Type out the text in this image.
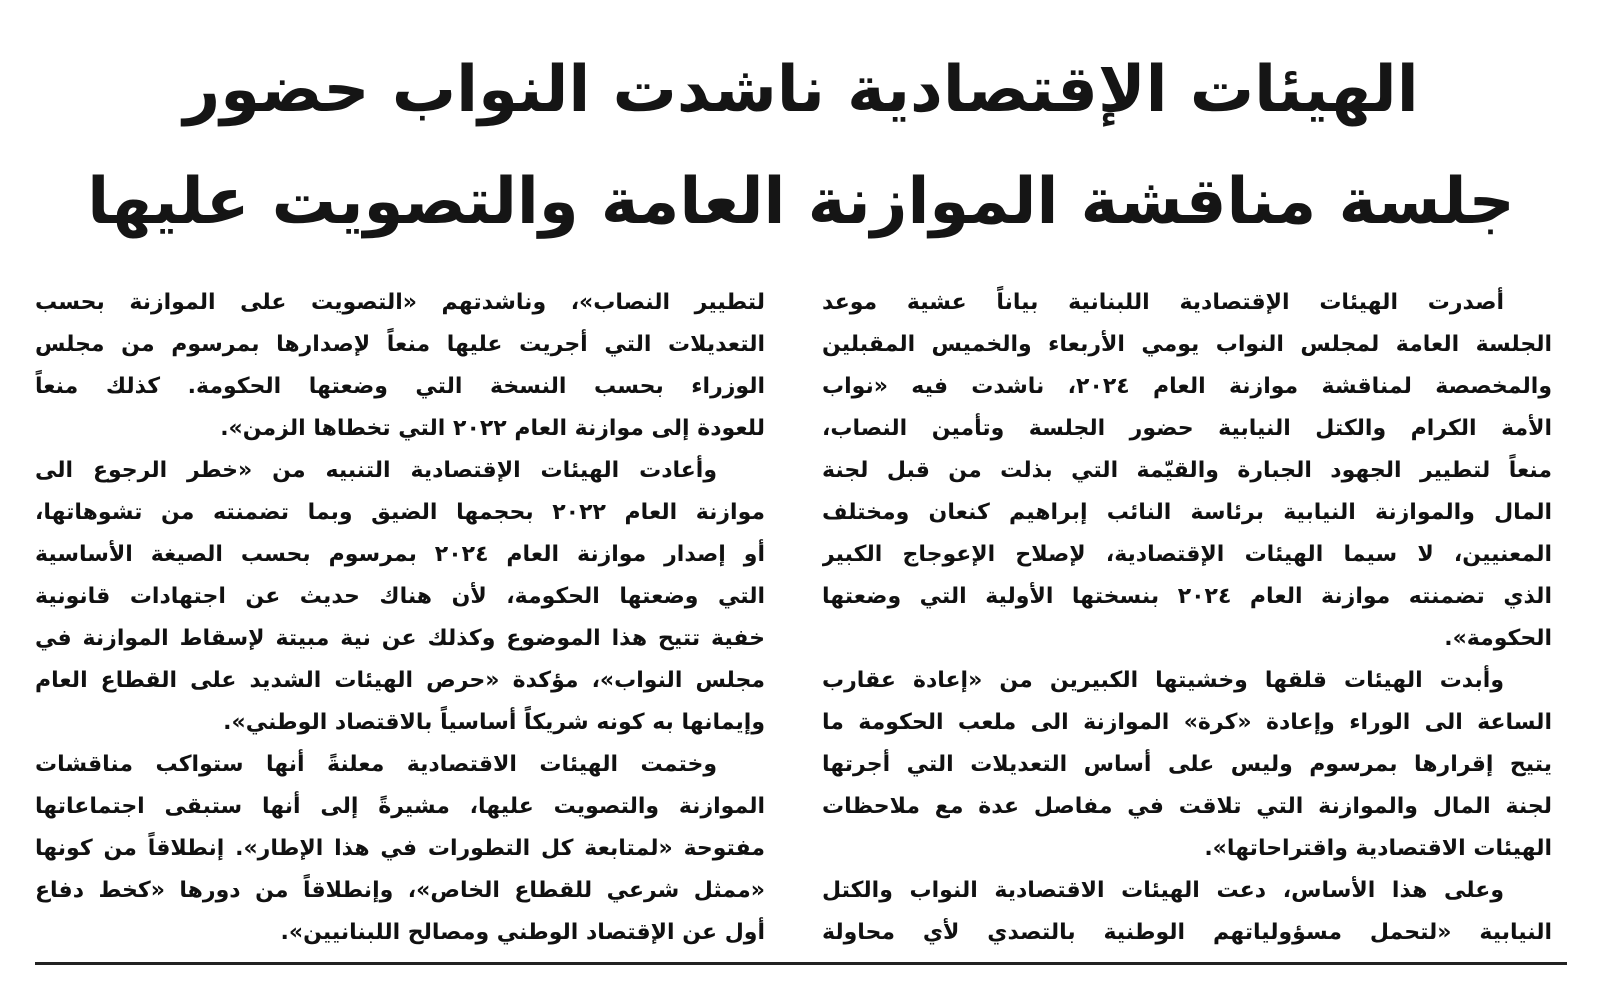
الهيئات الإقتصادية ناشدت النواب حضور
جلسة مناقشة الموازنة العامة والتصويت عليها
أصدرت الهيئات الإقتصادية اللبنانية بياناً عشية موعد
الجلسة العامة لمجلس النواب يومي الأربعاء والخميس المقبلين
والمخصصة لمناقشة موازنة العام ٢٠٢٤، ناشدت فيه «نواب
الأمة الكرام والكتل النيابية حضور الجلسة وتأمين النصاب،
منعاً لتطيير الجهود الجبارة والقيّمة التي بذلت من قبل لجنة
المال والموازنة النيابية برئاسة النائب إبراهيم كنعان ومختلف
المعنيين، لا سيما الهيئات الإقتصادية، لإصلاح الإعوجاج الكبير
الذي تضمنته موازنة العام ٢٠٢٤ بنسختها الأولية التي وضعتها
الحكومة».
وأبدت الهيئات قلقها وخشيتها الكبيرين من «إعادة عقارب
الساعة الى الوراء وإعادة «كرة» الموازنة الى ملعب الحكومة ما
يتيح إقرارها بمرسوم وليس على أساس التعديلات التي أجرتها
لجنة المال والموازنة التي تلاقت في مفاصل عدة مع ملاحظات
الهيئات الاقتصادية واقتراحاتها».
وعلى هذا الأساس، دعت الهيئات الاقتصادية النواب والكتل
النيابية «لتحمل مسؤولياتهم الوطنية بالتصدي لأي محاولة
لتطيير النصاب»، وناشدتهم «التصويت على الموازنة بحسب
التعديلات التي أجريت عليها منعاً لإصدارها بمرسوم من مجلس
الوزراء بحسب النسخة التي وضعتها الحكومة. كذلك منعاً
للعودة إلى موازنة العام ٢٠٢٢ التي تخطاها الزمن».
وأعادت الهيئات الإقتصادية التنبيه من «خطر الرجوع الى
موازنة العام ٢٠٢٢ بحجمها الضيق وبما تضمنته من تشوهاتها،
أو إصدار موازنة العام ٢٠٢٤ بمرسوم بحسب الصيغة الأساسية
التي وضعتها الحكومة، لأن هناك حديث عن اجتهادات قانونية
خفية تتيح هذا الموضوع وكذلك عن نية مبيتة لإسقاط الموازنة في
مجلس النواب»، مؤكدة «حرص الهيئات الشديد على القطاع العام
وإيمانها به كونه شريكاً أساسياً بالاقتصاد الوطني».
وختمت الهيئات الاقتصادية معلنةً أنها ستواكب مناقشات
الموازنة والتصويت عليها، مشيرةً إلى أنها ستبقى اجتماعاتها
مفتوحة «لمتابعة كل التطورات في هذا الإطار». إنطلاقاً من كونها
«ممثل شرعي للقطاع الخاص»، وإنطلاقاً من دورها «كخط دفاع
أول عن الإقتصاد الوطني ومصالح اللبنانيين».
